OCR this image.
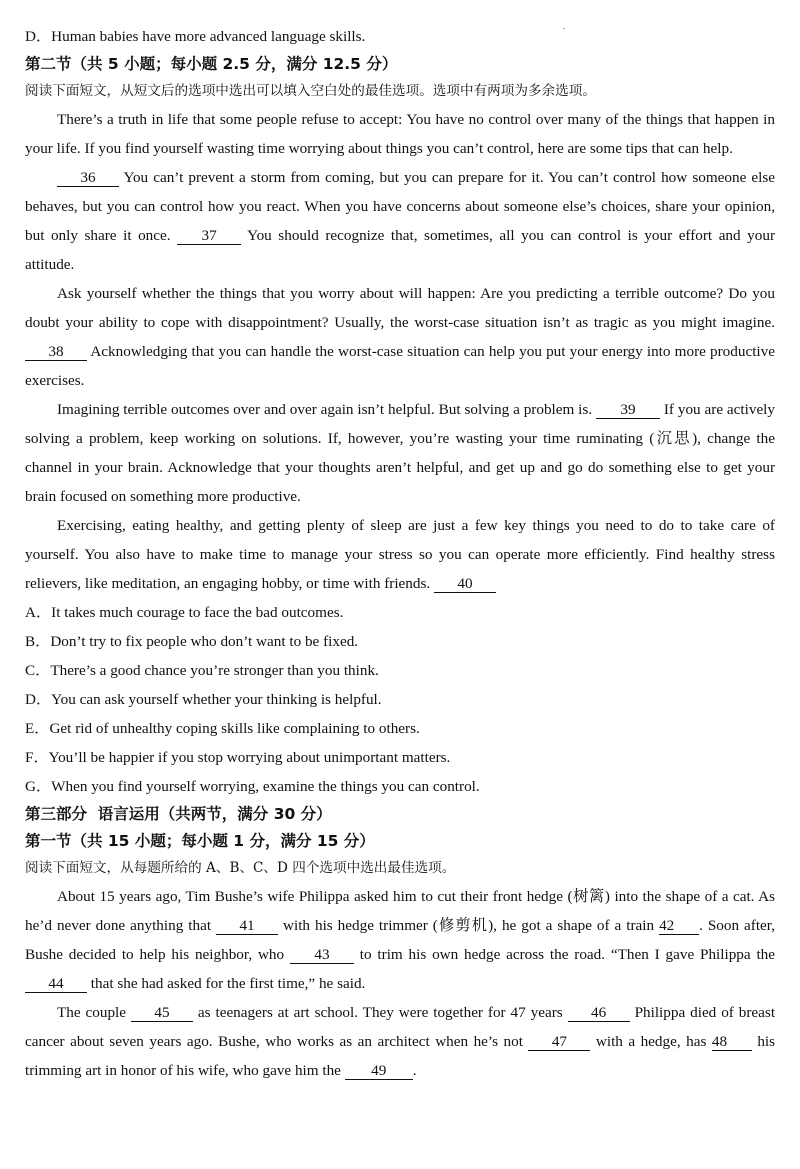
D．Human babies have more advanced language skills.
第二节（共 5 小题；每小题 2.5 分，满分 12.5 分）
阅读下面短文，从短文后的选项中选出可以填入空白处的最佳选项。选项中有两项为多余选项。

There’s a truth in life that some people refuse to accept: You have no control over many of the things that happen in your life. If you find yourself wasting time worrying about things you can’t control, here are some tips that can help.

36 You can’t prevent a storm from coming, but you can prepare for it. You can’t control how someone else behaves, but you can control how you react. When you have concerns about someone else’s choices, share your opinion, but only share it once. 37 You should recognize that, sometimes, all you can control is your effort and your attitude.

Ask yourself whether the things that you worry about will happen: Are you predicting a terrible outcome? Do you doubt your ability to cope with disappointment? Usually, the worst-case situation isn’t as tragic as you might imagine. 38 Acknowledging that you can handle the worst-case situation can help you put your energy into more productive exercises.

Imagining terrible outcomes over and over again isn’t helpful. But solving a problem is. 39 If you are actively solving a problem, keep working on solutions. If, however, you’re wasting your time ruminating (沉思), change the channel in your brain. Acknowledge that your thoughts aren’t helpful, and get up and go do something else to get your brain focused on something more productive.

Exercising, eating healthy, and getting plenty of sleep are just a few key things you need to do to take care of yourself. You also have to make time to manage your stress so you can operate more efficiently. Find healthy stress relievers, like meditation, an engaging hobby, or time with friends. 40

A．It takes much courage to face the bad outcomes.
B．Don’t try to fix people who don’t want to be fixed.
C．There’s a good chance you’re stronger than you think.
D．You can ask yourself whether your thinking is helpful.
E．Get rid of unhealthy coping skills like complaining to others.
F．You’ll be happier if you stop worrying about unimportant matters.
G．When you find yourself worrying, examine the things you can control.
第三部分  语言运用（共两节，满分 30 分）
第一节（共 15 小题；每小题 1 分，满分 15 分）
阅读下面短文，从每题所给的 A、B、C、D 四个选项中选出最佳选项。

About 15 years ago, Tim Bushe’s wife Philippa asked him to cut their front hedge (树篱) into the shape of a cat. As he’d never done anything that 41 with his hedge trimmer (修剪机), he got a shape of a train 42 . Soon after, Bushe decided to help his neighbor, who 43 to trim his own hedge across the road. “Then I gave Philippa the 44 that she had asked for the first time,” he said.

The couple 45 as teenagers at art school. They were together for 47 years 46 Philippa died of breast cancer about seven years ago. Bushe, who works as an architect when he’s not 47 with a hedge, has 48 his trimming art in honor of his wife, who gave him the 49 .
